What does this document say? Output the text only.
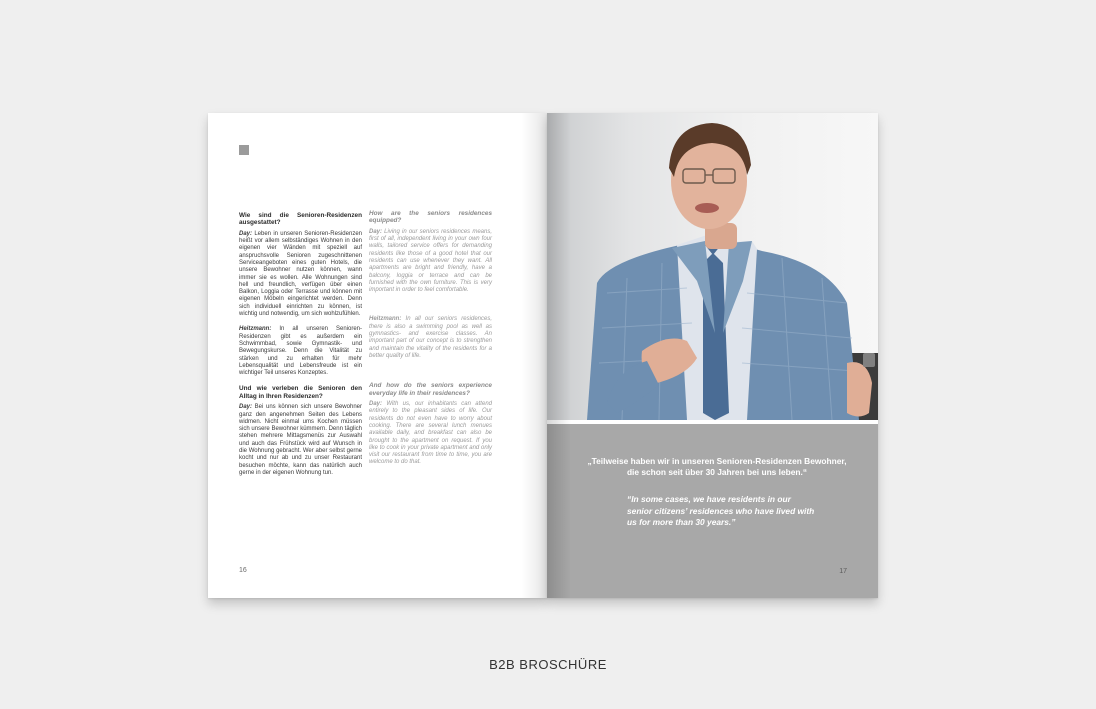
Wie sind die Senioren-Residenzen ausgestattet?

Day: Leben in unseren Senioren-Residenzen heißt vor allem selbständiges Wohnen in den eigenen vier Wänden mit speziell auf anspruchsvolle Senioren zugeschnittenen Serviceangeboten eines guten Hotels, die unsere Bewohner nutzen können, wann immer sie es wollen. Alle Wohnungen sind hell und freundlich, verfügen über einen Balkon, Loggia oder Terrasse und können mit eigenen Möbeln eingerichtet werden. Denn sich individuell einrichten zu können, ist wichtig und notwendig, um sich wohlzufühlen.

Heitzmann: In all unseren Senioren-Residenzen gibt es außerdem ein Schwimmbad, sowie Gymnastik- und Bewegungskurse. Denn die Vitalität zu stärken und zu erhalten für mehr Lebensqualität und Lebensfreude ist ein wichtiger Teil unseres Konzeptes.

Und wie verleben die Senioren den Alltag in Ihren Residenzen?

Day: Bei uns können sich unsere Bewohner ganz den angenehmen Seiten des Lebens widmen. Nicht einmal ums Kochen müssen sich unsere Bewohner kümmern. Denn täglich stehen mehrere Mittagsmenüs zur Auswahl und auch das Frühstück wird auf Wunsch in die Wohnung gebracht. Wer aber selbst gerne kocht und nur ab und zu unser Restaurant besuchen möchte, kann das natürlich auch gerne in der eigenen Wohnung tun.

How are the seniors residences equipped?

Day: Living in our seniors residences means, first of all, independent living in your own four walls, tailored service offers for demanding residents like those of a good hotel that our residents can use whenever they want. All apartments are bright and friendly, have a balcony, loggia or terrace and can be furnished with the own furniture. This is very important in order to feel comfortable.

Heitzmann: In all our seniors residences, there is also a swimming pool as well as gymnastics- and exercise classes. An important part of our concept is to strengthen and maintain the vitality of the residents for a better quality of life.

And how do the seniors experience everyday life in their residences?

Day: With us, our inhabitants can attend entirely to the pleasant sides of life. Our residents do not even have to worry about cooking. There are several lunch menues available daily, and breakfast can also be brought to the apartment on request. If you like to cook in your private apartment and only visit our restaurant from time to time, you are welcome to do that.

16
„Teilweise haben wir in unseren Senioren-Residenzen Bewohner, die schon seit über 30 Jahren bei uns leben.“
“In some cases, we have residents in our senior citizens’ residences who have lived with us for more than 30 years.”
17
B2B BROSCHÜRE
